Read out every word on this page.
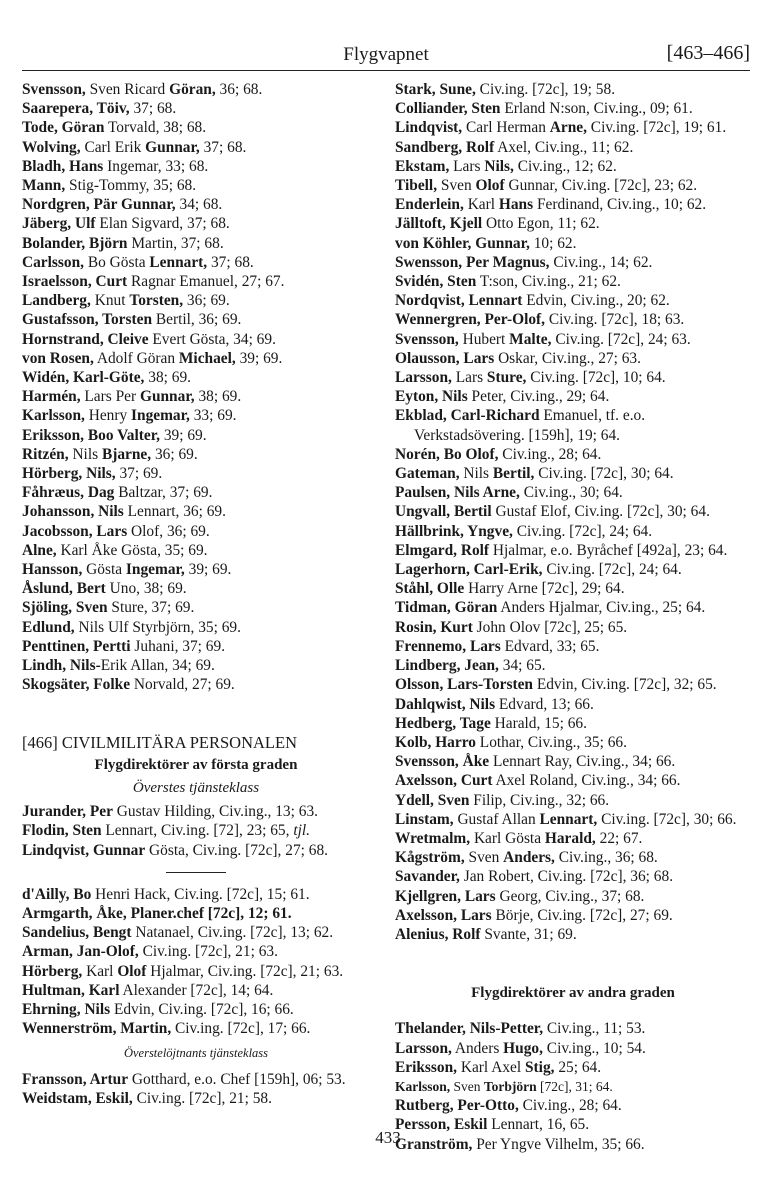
Flygvapnet	[463–466]
Svensson, Sven Ricard Göran, 36; 68.
Saarepera, Töiv, 37; 68.
Tode, Göran Torvald, 38; 68.
Wolving, Carl Erik Gunnar, 37; 68.
Bladh, Hans Ingemar, 33; 68.
Mann, Stig-Tommy, 35; 68.
Nordgren, Pär Gunnar, 34; 68.
Jäberg, Ulf Elan Sigvard, 37; 68.
Bolander, Björn Martin, 37; 68.
Carlsson, Bo Gösta Lennart, 37; 68.
Israelsson, Curt Ragnar Emanuel, 27; 67.
Landberg, Knut Torsten, 36; 69.
Gustafsson, Torsten Bertil, 36; 69.
Hornstrand, Cleive Evert Gösta, 34; 69.
von Rosen, Adolf Göran Michael, 39; 69.
Widén, Karl-Göte, 38; 69.
Harmén, Lars Per Gunnar, 38; 69.
Karlsson, Henry Ingemar, 33; 69.
Eriksson, Boo Valter, 39; 69.
Ritzén, Nils Bjarne, 36; 69.
Hörberg, Nils, 37; 69.
Fåhræus, Dag Baltzar, 37; 69.
Johansson, Nils Lennart, 36; 69.
Jacobsson, Lars Olof, 36; 69.
Alne, Karl Åke Gösta, 35; 69.
Hansson, Gösta Ingemar, 39; 69.
Åslund, Bert Uno, 38; 69.
Sjöling, Sven Sture, 37; 69.
Edlund, Nils Ulf Styrbjörn, 35; 69.
Penttinen, Pertti Juhani, 37; 69.
Lindh, Nils-Erik Allan, 34; 69.
Skogsäter, Folke Norvald, 27; 69.
[466] CIVILMILITÄRA PERSONALEN
Flygdirektörer av första graden
Överstes tjänsteklass
Jurander, Per Gustav Hilding, Civ.ing., 13; 63.
Flodin, Sten Lennart, Civ.ing. [72], 23; 65, tjl.
Lindqvist, Gunnar Gösta, Civ.ing. [72c], 27; 68.
d'Ailly, Bo Henri Hack, Civ.ing. [72c], 15; 61.
Armgarth, Åke, Planer.chef [72c], 12; 61.
Sandelius, Bengt Natanael, Civ.ing. [72c], 13; 62.
Arman, Jan-Olof, Civ.ing. [72c], 21; 63.
Hörberg, Karl Olof Hjalmar, Civ.ing. [72c], 21; 63.
Hultman, Karl Alexander [72c], 14; 64.
Ehrning, Nils Edvin, Civ.ing. [72c], 16; 66.
Wennerström, Martin, Civ.ing. [72c], 17; 66.
Överstelöjtnants tjänsteklass
Fransson, Artur Gotthard, e.o. Chef [159h], 06; 53.
Weidstam, Eskil, Civ.ing. [72c], 21; 58.
Stark, Sune, Civ.ing. [72c], 19; 58.
Colliander, Sten Erland N:son, Civ.ing., 09; 61.
Lindqvist, Carl Herman Arne, Civ.ing. [72c], 19; 61.
Sandberg, Rolf Axel, Civ.ing., 11; 62.
Ekstam, Lars Nils, Civ.ing., 12; 62.
Tibell, Sven Olof Gunnar, Civ.ing. [72c], 23; 62.
Enderlein, Karl Hans Ferdinand, Civ.ing., 10; 62.
Jälltoft, Kjell Otto Egon, 11; 62.
von Köhler, Gunnar, 10; 62.
Swensson, Per Magnus, Civ.ing., 14; 62.
Svidén, Sten T:son, Civ.ing., 21; 62.
Nordqvist, Lennart Edvin, Civ.ing., 20; 62.
Wennergren, Per-Olof, Civ.ing. [72c], 18; 63.
Svensson, Hubert Malte, Civ.ing. [72c], 24; 63.
Olausson, Lars Oskar, Civ.ing., 27; 63.
Larsson, Lars Sture, Civ.ing. [72c], 10; 64.
Eyton, Nils Peter, Civ.ing., 29; 64.
Ekblad, Carl-Richard Emanuel, tf. e.o. Verkstadsövering. [159h], 19; 64.
Norén, Bo Olof, Civ.ing., 28; 64.
Gateman, Nils Bertil, Civ.ing. [72c], 30; 64.
Paulsen, Nils Arne, Civ.ing., 30; 64.
Ungvall, Bertil Gustaf Elof, Civ.ing. [72c], 30; 64.
Hällbrink, Yngve, Civ.ing. [72c], 24; 64.
Elmgard, Rolf Hjalmar, e.o. Byråchef [492a], 23; 64.
Lagerhorn, Carl-Erik, Civ.ing. [72c], 24; 64.
Ståhl, Olle Harry Arne [72c], 29; 64.
Tidman, Göran Anders Hjalmar, Civ.ing., 25; 64.
Rosin, Kurt John Olov [72c], 25; 65.
Frennemo, Lars Edvard, 33; 65.
Lindberg, Jean, 34; 65.
Olsson, Lars-Torsten Edvin, Civ.ing. [72c], 32; 65.
Dahlqwist, Nils Edvard, 13; 66.
Hedberg, Tage Harald, 15; 66.
Kolb, Harro Lothar, Civ.ing., 35; 66.
Svensson, Åke Lennart Ray, Civ.ing., 34; 66.
Axelsson, Curt Axel Roland, Civ.ing., 34; 66.
Ydell, Sven Filip, Civ.ing., 32; 66.
Linstam, Gustaf Allan Lennart, Civ.ing. [72c], 30; 66.
Wretmalm, Karl Gösta Harald, 22; 67.
Kågström, Sven Anders, Civ.ing., 36; 68.
Savander, Jan Robert, Civ.ing. [72c], 36; 68.
Kjellgren, Lars Georg, Civ.ing., 37; 68.
Axelsson, Lars Börje, Civ.ing. [72c], 27; 69.
Alenius, Rolf Svante, 31; 69.
Flygdirektörer av andra graden
Thelander, Nils-Petter, Civ.ing., 11; 53.
Larsson, Anders Hugo, Civ.ing., 10; 54.
Eriksson, Karl Axel Stig, 25; 64.
Karlsson, Sven Torbjörn [72c], 31; 64.
Rutberg, Per-Otto, Civ.ing., 28; 64.
Persson, Eskil Lennart, 16, 65.
Granström, Per Yngve Vilhelm, 35; 66.
433
